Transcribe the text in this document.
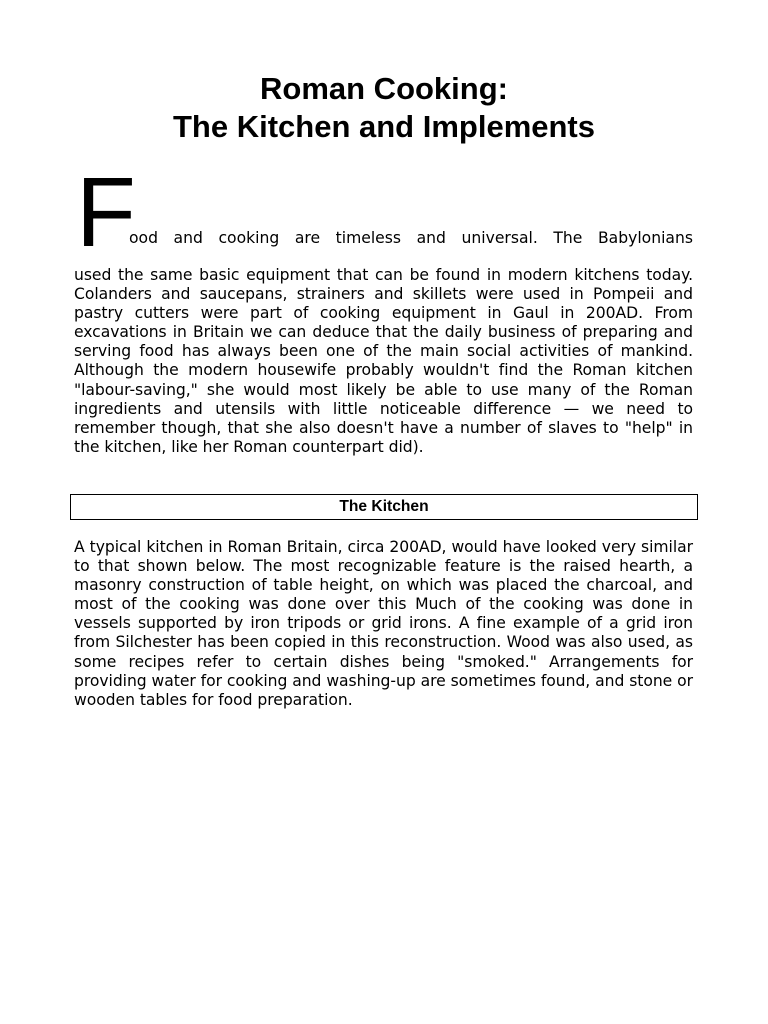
Roman Cooking:
The Kitchen and Implements
F

ood and cooking are timeless and universal. The Babylonians

used the same basic equipment that can be found in modern kitchens today. Colanders and saucepans, strainers and skillets were used in Pompeii and pastry cutters were part of cooking equipment in Gaul in 200AD. From excavations in Britain we can deduce that the daily business of preparing and serving food has always been one of the main social activities of mankind. Although the modern housewife probably wouldn't find the Roman kitchen "labour-saving," she would most likely be able to use many of the Roman ingredients and utensils with little noticeable difference — we need to remember though, that she also doesn't have a number of slaves to "help" in the kitchen, like her Roman counterpart did).

The Kitchen

A typical kitchen in Roman Britain, circa 200AD, would have looked very similar to that shown below. The most recognizable feature is the raised hearth, a masonry construction of table height, on which was placed the charcoal, and most of the cooking was done over this Much of the cooking was done in vessels supported by iron tripods or grid irons. A fine example of a grid iron from Silchester has been copied in this reconstruction. Wood was also used, as some recipes refer to certain dishes being "smoked." Arrangements for providing water for cooking and washing-up are sometimes found, and stone or wooden tables for food preparation.
